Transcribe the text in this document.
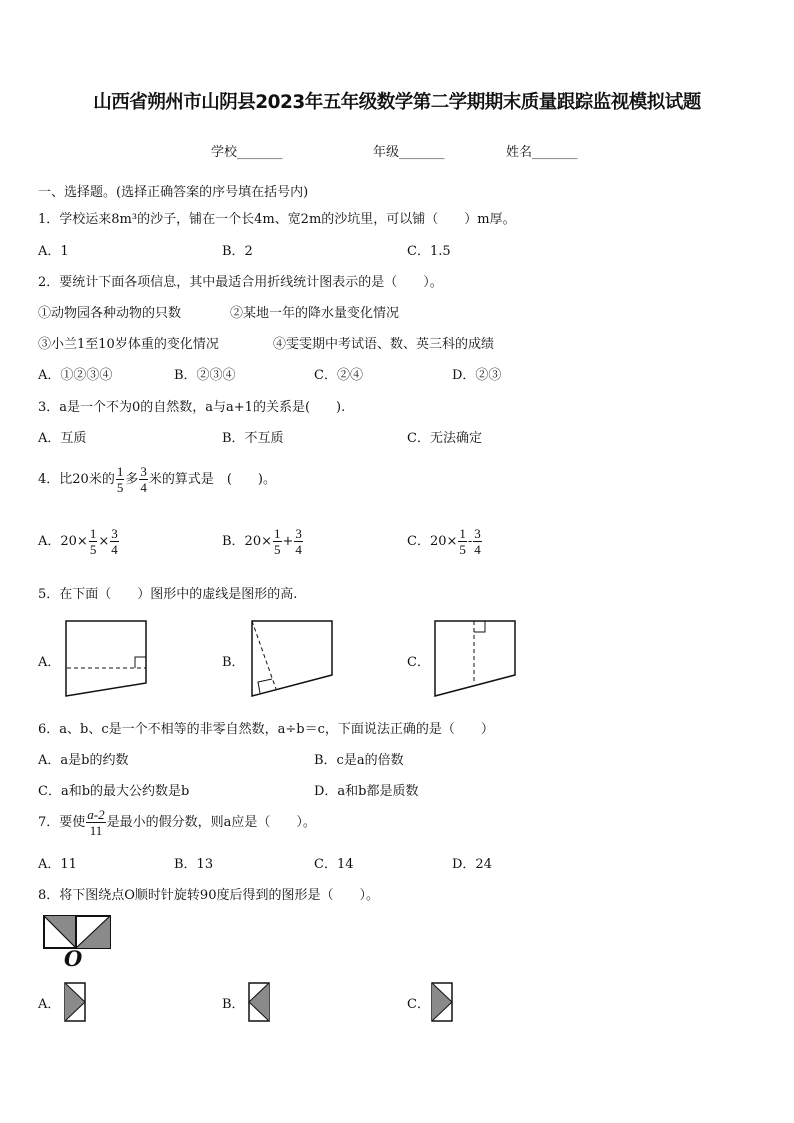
山西省朔州市山阴县2023年五年级数学第二学期期末质量跟踪监视模拟试题
学校_______	年级_______	姓名_______
一、选择题。(选择正确答案的序号填在括号内)
1．学校运来8m³的沙子，铺在一个长4m、宽2m的沙坑里，可以铺（　　）m厚。
A．1	B．2	C．1.5
2．要统计下面各项信息，其中最适合用折线统计图表示的是（　　）。
①动物园各种动物的只数	②某地一年的降水量变化情况
③小兰1至10岁体重的变化情况	④雯雯期中考试语、数、英三科的成绩
A．①②③④	B．②③④	C．②④	D．②③
3．a是一个不为0的自然数，a与a+1的关系是(　　).
A．互质	B．不互质	C．无法确定
4．比20米的 $\frac{1}{5}$ 多 $\frac{3}{4}$ 米的算式是　(　　)。
A．$20\times \frac{1}{5} \times \frac{3}{4}$	B．$20\times \frac{1}{5} + \frac{3}{4}$	C．$20\times \frac{1}{5} - \frac{3}{4}$
5．在下面（　　）图形中的虚线是图形的高.
A．	B．	C．
6．a、b、c是一个不相等的非零自然数，a÷b＝c，下面说法正确的是（　　）
A．a是b的约数	B．c是a的倍数
C．a和b的最大公约数是b	D．a和b都是质数
7．要使 $\frac{a-2}{11}$ 是最小的假分数，则a应是（　　）。
A．11	B．13	C．14	D．24
8．将下图绕点O顺时针旋转90度后得到的图形是（　　）。
O
A．	B．	C．
